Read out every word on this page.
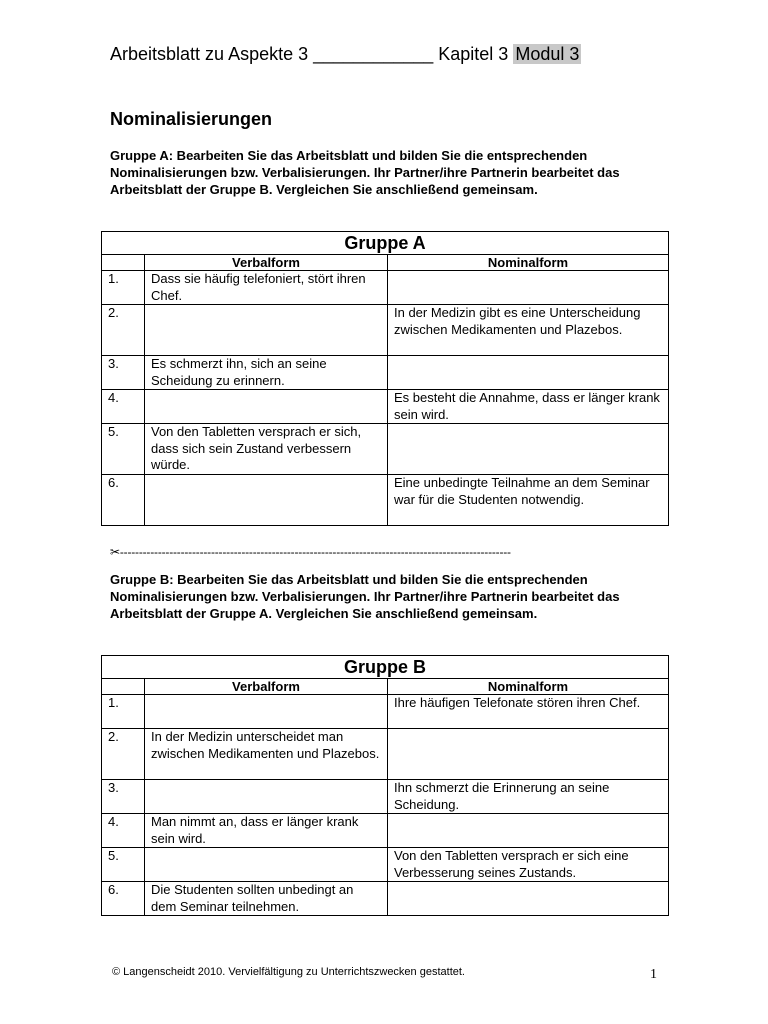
Arbeitsblatt zu Aspekte 3 ____________ Kapitel 3 Modul 3
Nominalisierungen
Gruppe A: Bearbeiten Sie das Arbeitsblatt und bilden Sie die entsprechenden Nominalisierungen bzw. Verbalisierungen. Ihr Partner/ihre Partnerin bearbeitet das Arbeitsblatt der Gruppe B. Vergleichen Sie anschließend gemeinsam.
Gruppe A		
	Verbalform	Nominalform
1.	Dass sie häufig telefoniert, stört ihren Chef.	
2.		In der Medizin gibt es eine Unterscheidung zwischen Medikamenten und Plazebos.
3.	Es schmerzt ihn, sich an seine Scheidung zu erinnern.	
4.		Es besteht die Annahme, dass er länger krank sein wird.
5.	Von den Tabletten versprach er sich, dass sich sein Zustand verbessern würde.	
6.		Eine unbedingte Teilnahme an dem Seminar war für die Studenten notwendig.
✂-------------------------------------------------------------------------------------------------------
Gruppe B: Bearbeiten Sie das Arbeitsblatt und bilden Sie die entsprechenden Nominalisierungen bzw. Verbalisierungen. Ihr Partner/ihre Partnerin bearbeitet das Arbeitsblatt der Gruppe A. Vergleichen Sie anschließend gemeinsam.
Gruppe B		
	Verbalform	Nominalform
1.		Ihre häufigen Telefonate stören ihren Chef.
2.	In der Medizin unterscheidet man zwischen Medikamenten und Plazebos.	
3.		Ihn schmerzt die Erinnerung an seine Scheidung.
4.	Man nimmt an, dass er länger krank sein wird.	
5.		Von den Tabletten versprach er sich eine Verbesserung seines Zustands.
6.	Die Studenten sollten unbedingt an dem Seminar teilnehmen.	
© Langenscheidt 2010. Vervielfältigung zu Unterrichtszwecken gestattet.	1
